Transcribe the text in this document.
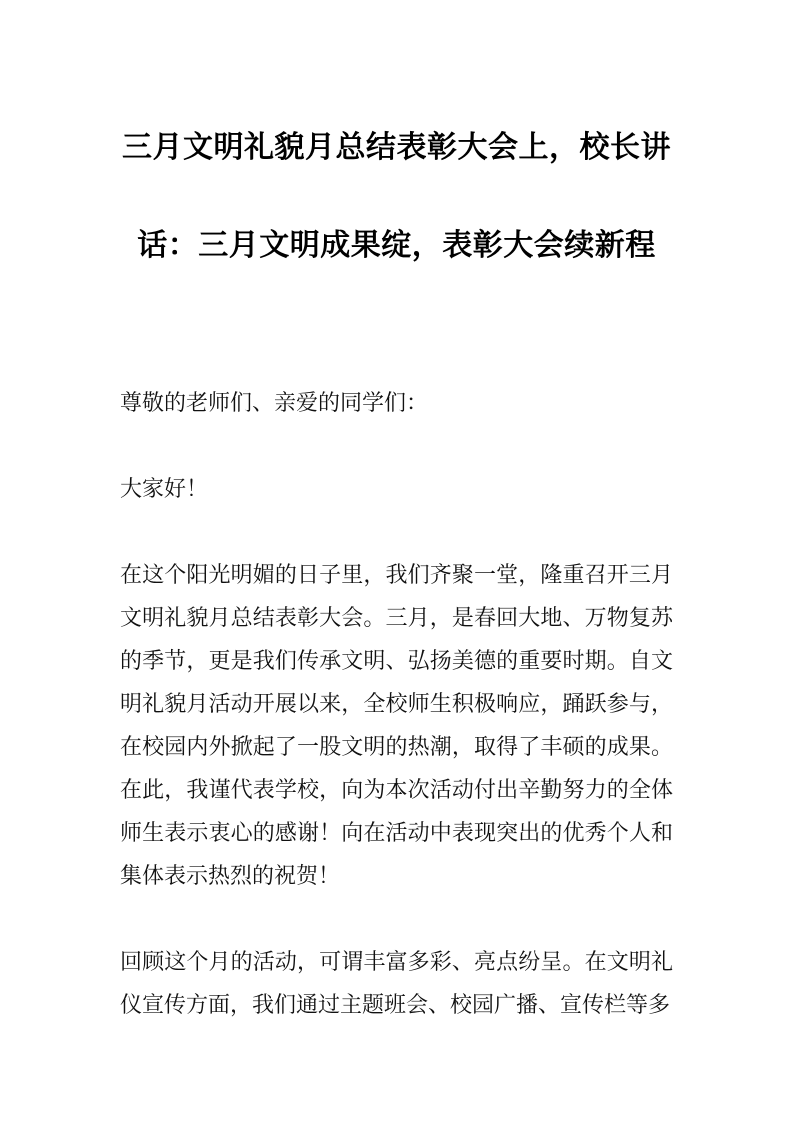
三月文明礼貌月总结表彰大会上，校长讲
话：三月文明成果绽，表彰大会续新程

尊敬的老师们、亲爱的同学们：

大家好！

在这个阳光明媚的日子里，我们齐聚一堂，隆重召开三月文明礼貌月总结表彰大会。三月，是春回大地、万物复苏的季节，更是我们传承文明、弘扬美德的重要时期。自文明礼貌月活动开展以来，全校师生积极响应，踊跃参与，在校园内外掀起了一股文明的热潮，取得了丰硕的成果。在此，我谨代表学校，向为本次活动付出辛勤努力的全体师生表示衷心的感谢！向在活动中表现突出的优秀个人和集体表示热烈的祝贺！

回顾这个月的活动，可谓丰富多彩、亮点纷呈。在文明礼仪宣传方面，我们通过主题班会、校园广播、宣传栏等多
